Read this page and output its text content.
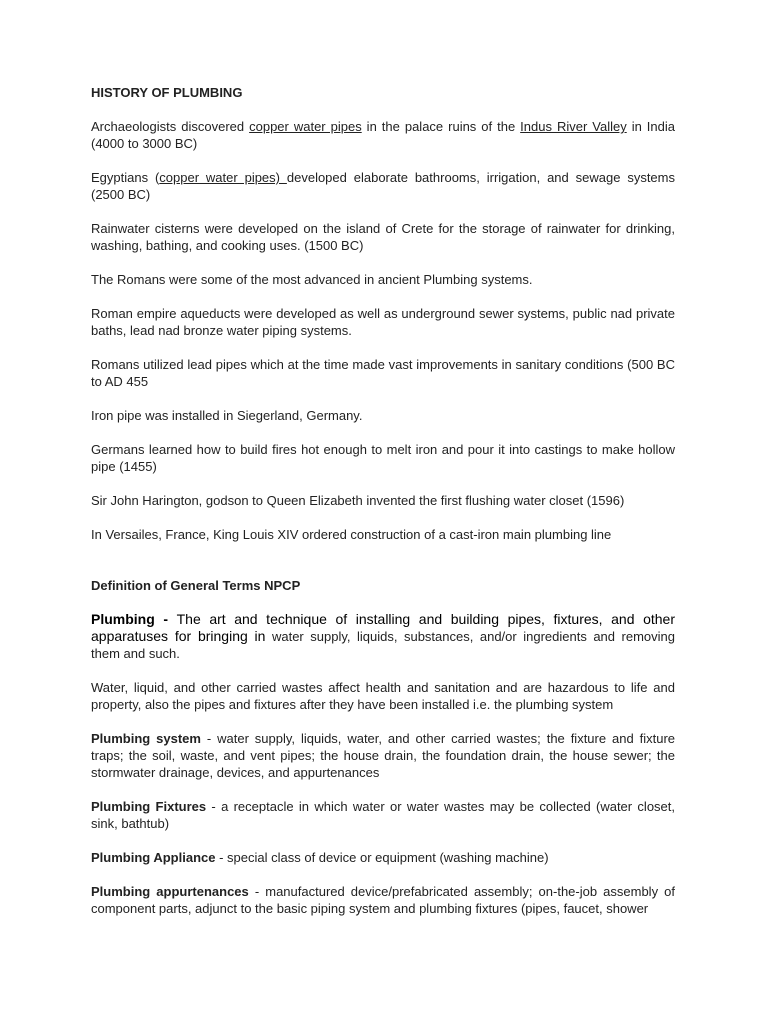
HISTORY OF PLUMBING

Archaeologists discovered copper water pipes in the palace ruins of the Indus River Valley in India (4000 to 3000 BC)

Egyptians (copper water pipes) developed elaborate bathrooms, irrigation, and sewage systems (2500 BC)

Rainwater cisterns were developed on the island of Crete for the storage of rainwater for drinking, washing, bathing, and cooking uses. (1500 BC)

The Romans were some of the most advanced in ancient Plumbing systems.

Roman empire aqueducts were developed as well as underground sewer systems, public nad private baths, lead nad bronze water piping systems.

Romans utilized lead pipes which at the time made vast improvements in sanitary conditions (500 BC to AD 455

Iron pipe was installed in Siegerland, Germany.

Germans learned how to build fires hot enough to melt iron and pour it into castings to make hollow pipe (1455)

Sir John Harington, godson to Queen Elizabeth invented the first flushing water closet (1596)

In Versailes, France, King Louis XIV ordered construction of a cast-iron main plumbing line

Definition of General Terms NPCP

Plumbing - The art and technique of installing and building pipes, fixtures, and other apparatuses for bringing in water supply, liquids, substances, and/or ingredients and removing them and such.

Water, liquid, and other carried wastes affect health and sanitation and are hazardous to life and property, also the pipes and fixtures after they have been installed i.e. the plumbing system

Plumbing system - water supply, liquids, water, and other carried wastes; the fixture and fixture traps; the soil, waste, and vent pipes; the house drain, the foundation drain, the house sewer; the stormwater drainage, devices, and appurtenances

Plumbing Fixtures - a receptacle in which water or water wastes may be collected (water closet, sink, bathtub)

Plumbing Appliance - special class of device or equipment (washing machine)

Plumbing appurtenances - manufactured device/prefabricated assembly; on-the-job assembly of component parts, adjunct to the basic piping system and plumbing fixtures (pipes, faucet, shower
